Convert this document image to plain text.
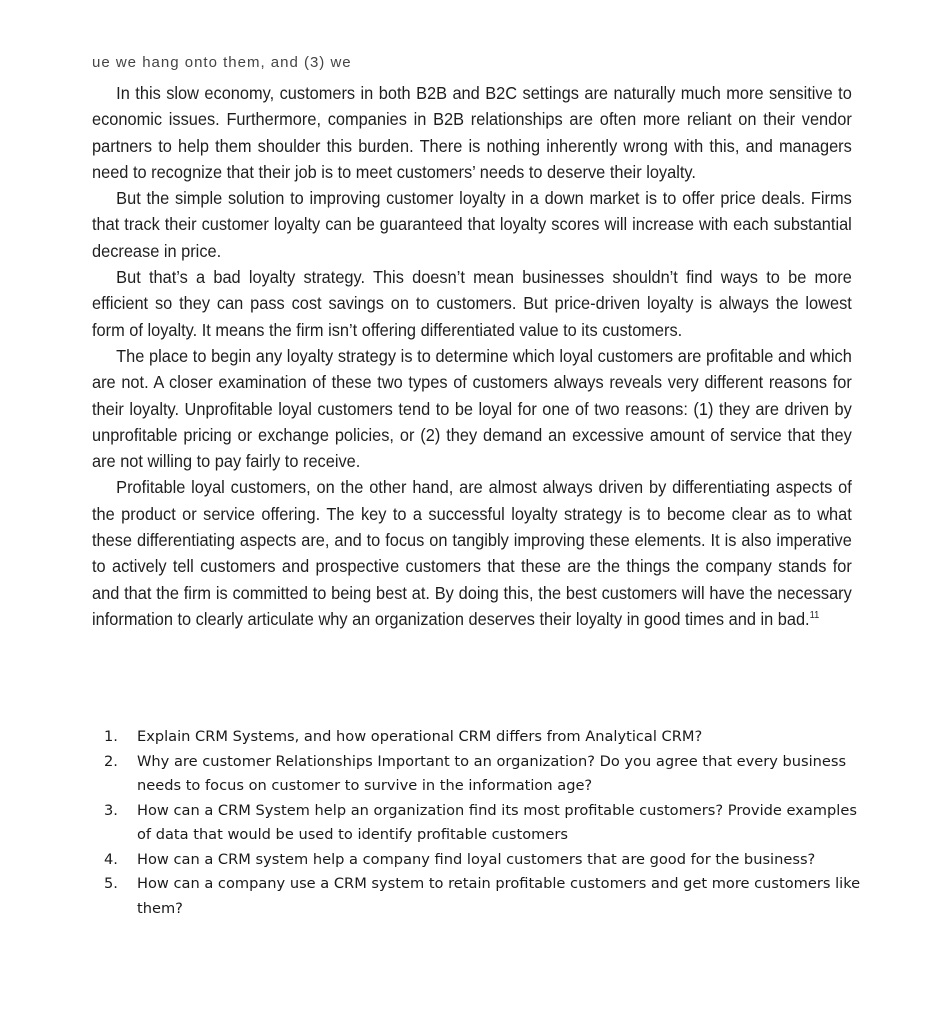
ue we hang onto them, and (3) we

In this slow economy, customers in both B2B and B2C settings are naturally much more sensitive to economic issues. Furthermore, companies in B2B relationships are often more reliant on their vendor partners to help them shoulder this burden. There is nothing inherently wrong with this, and managers need to recognize that their job is to meet customers’ needs to deserve their loyalty.

But the simple solution to improving customer loyalty in a down market is to offer price deals. Firms that track their customer loyalty can be guaranteed that loyalty scores will increase with each substantial decrease in price.

But that’s a bad loyalty strategy. This doesn’t mean businesses shouldn’t find ways to be more efficient so they can pass cost savings on to customers. But price-driven loyalty is always the lowest form of loyalty. It means the firm isn’t offering differentiated value to its customers.

The place to begin any loyalty strategy is to determine which loyal customers are profitable and which are not. A closer examination of these two types of customers always reveals very different reasons for their loyalty. Unprofitable loyal customers tend to be loyal for one of two reasons: (1) they are driven by unprofitable pricing or exchange policies, or (2) they demand an excessive amount of service that they are not willing to pay fairly to receive.

Profitable loyal customers, on the other hand, are almost always driven by differentiating aspects of the product or service offering. The key to a successful loyalty strategy is to become clear as to what these differentiating aspects are, and to focus on tangibly improving these elements. It is also imperative to actively tell customers and prospective customers that these are the things the company stands for and that the firm is committed to being best at. By doing this, the best customers will have the necessary information to clearly articulate why an organization deserves their loyalty in good times and in bad.$^{11}$

1. Explain CRM Systems, and how operational CRM differs from Analytical CRM?
2. Why are customer Relationships Important to an organization? Do you agree that every business needs to focus on customer to survive in the information age?
3. How can a CRM System help an organization find its most profitable customers? Provide examples of data that would be used to identify profitable customers
4. How can a CRM system help a company find loyal customers that are good for the business?
5. How can a company use a CRM system to retain profitable customers and get more customers like them?
